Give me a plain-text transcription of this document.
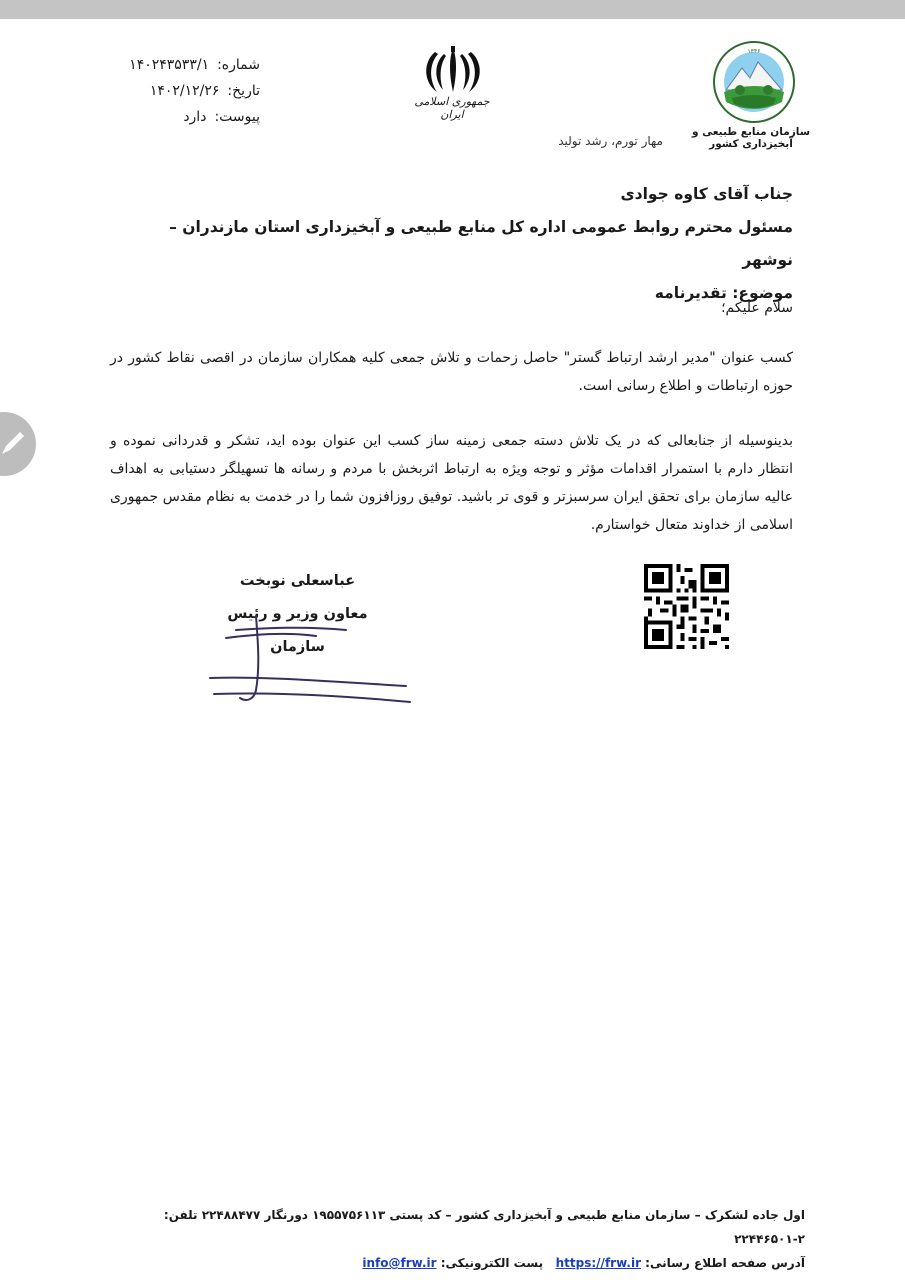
شماره:
۱۴۰۲۴۳۵۳۳/۱
تاریخ:
۱۴۰۲/۱۲/۲۶
پیوست:
دارد
جمهوری اسلامی ایران
۱۳۴۶
سازمان منابع طبیعی و آبخیزداری کشور
مهار تورم، رشد تولید
جناب آقای کاوه جوادی
مسئول محترم روابط عمومی اداره کل منابع طبیعی و آبخیزداری استان مازندران – نوشهر
موضوع: تقدیرنامه
سلام علیکم؛
کسب عنوان "مدیر ارشد ارتباط گستر" حاصل زحمات و تلاش جمعی کلیه همکاران سازمان در اقصی نقاط کشور در حوزه ارتباطات و اطلاع رسانی است.
بدینوسیله از جنابعالی که در یک تلاش دسته جمعی زمینه ساز کسب این عنوان بوده اید، تشکر و قدردانی نموده و انتظار دارم با استمرار اقدامات مؤثر و توجه ویژه به ارتباط اثربخش با مردم و رسانه ها تسهیلگر دستیابی به اهداف عالیه سازمان برای تحقق ایران سرسبزتر و قوی تر باشید. توفیق روزافزون شما را در خدمت به نظام مقدس جمهوری اسلامی از خداوند متعال خواستارم.
عباسعلی نوبخت
معاون وزیر و رئیس سازمان
اول جاده لشکرک – سازمان منابع طبیعی و آبخیزداری کشور – کد پستی ۱۹۵۵۷۵۶۱۱۳ دورنگار ۲۲۴۸۸۴۷۷ تلفن: ۲-۲۲۴۴۶۵۰۱
آدرس صفحه اطلاع رسانی: https://frw.ir   پست الکترونیکی: info@frw.ir
